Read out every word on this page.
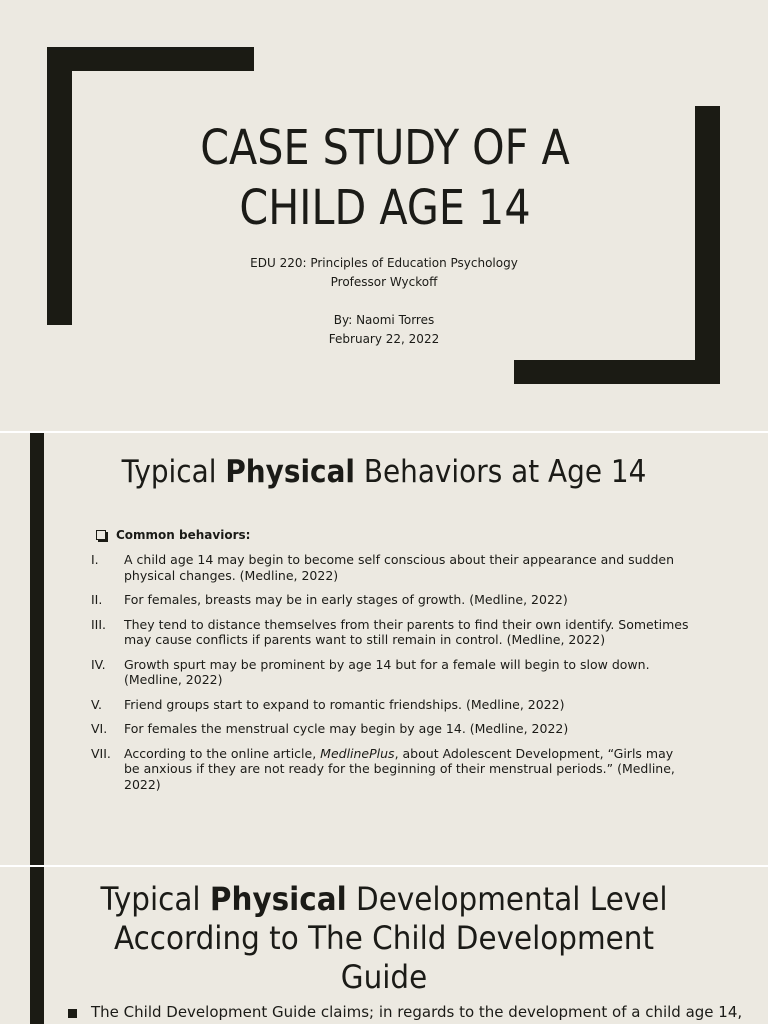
CASE STUDY OF A
CHILD AGE 14
EDU 220: Principles of Education Psychology
Professor Wyckoff
By: Naomi Torres
February 22, 2022
Typical Physical Behaviors at Age 14
Common behaviors:
I.	A child age 14 may begin to become self conscious about their appearance and sudden physical changes. (Medline, 2022)
II.	For females, breasts may be in early stages of growth. (Medline, 2022)
III.	They tend to distance themselves from their parents to find their own identify. Sometimes may cause conflicts if parents want to still remain in control. (Medline, 2022)
IV.	Growth spurt may be prominent by age 14 but for a female will begin to slow down. (Medline, 2022)
V.	Friend groups start to expand to romantic friendships. (Medline, 2022)
VI.	For females the menstrual cycle may begin by age 14. (Medline, 2022)
VII.	According to the online article, MedlinePlus, about Adolescent Development, “Girls may be anxious if they are not ready for the beginning of their menstrual periods.” (Medline, 2022)
Typical Physical Developmental Level
According to The Child Development Guide
The Child Development Guide claims; in regards to the development of a child age 14,
